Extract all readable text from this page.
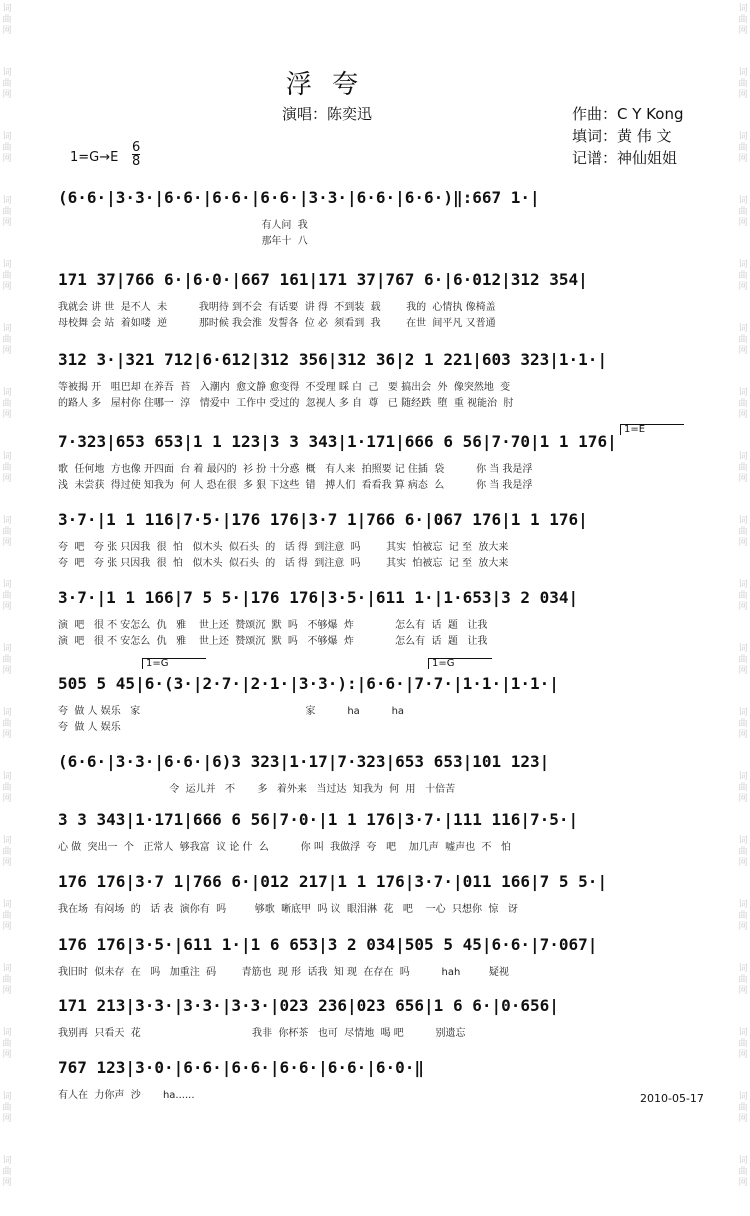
词曲网
词曲网
词曲网
词曲网
词曲网
词曲网
词曲网
词曲网
词曲网
词曲网
词曲网
词曲网
词曲网
词曲网
词曲网
词曲网
词曲网
词曲网
词曲网
词曲网
词曲网
词曲网
词曲网
词曲网
词曲网
词曲网
词曲网
词曲网
词曲网
词曲网
词曲网
词曲网
词曲网
词曲网
词曲网
词曲网
词曲网
词曲网
浮 夸
演唱：陈奕迅	作曲：C Y Kong
填词：黄 伟 文
记谱：神仙姐姐
1=G→E
6
8
1=E
1=G	1=G
(6·6·|3·3·|6·6·|6·6·|6·6·|3·3·|6·6·|6·6·)‖:667 1·|
有人问  我
那年十  八
171 37|766 6·|6·0·|667 161|171 37|767 6·|6·012|312 354|
我就会 讲 世  是不人  未          我明待 到不会  有话要  讲 得  不到装  载        我的  心情执 像椅盖
母校舞 会 站  着如喽  逆          那时候 我会淮  发誓各  位 必  须看到  我        在世  间平凡 又普通
312 3·|321 712|6·612|312 356|312 36|2 1 221|603 323|1·1·|
等被揭 开   咀巴却 在养吾  苔   入潮内  愈文静 愈变得  不受理 睬 白  己   要 搞出会  外  像突然地  变
的路人 多   屋村你 住哪一  淳   情爱中  工作中 受过的  忽视人 多 自  尊   已 随经跌  堕  重 视能治  肘
7·323|653 653|1 1 123|3 3 343|1·171|666 6 56|7·70|1 1 176|
歌  任何地  方也像 开四面  台 着 最闪的  衫 扮 十分惑  概   有人来  拍照要 记 住插  袋          你 当 我是浮
浅  未尝获  得过使 知我为  何 人 恐在很  多 狠 下这些  错   搏人们  看看我 算 病态  么          你 当 我是浮
3·7·|1 1 116|7·5·|176 176|3·7 1|766 6·|067 176|1 1 176|
夸  吧   夸 张 只因我  很  怕   似木头  似石头  的   话 得  到注意  吗        其实  怕被忘  记 至  放大来
夸  吧   夸 张 只因我  很  怕   似木头  似石头  的   话 得  到注意  吗        其实  怕被忘  记 至  放大来
3·7·|1 1 166|7 5 5·|176 176|3·5·|611 1·|1·653|3 2 034|
演  吧   很 不 安怎么  仇   雅    世上还  赞颂沉  默  吗   不够爆  炸             怎么有  话  题   让我
演  吧   很 不 安怎么  仇   雅    世上还  赞颂沉  默  吗   不够爆  炸             怎么有  话  题   让我
505 5 45|6·(3·|2·7·|2·1·|3·3·):|6·6·|7·7·|1·1·|1·1·|
夸  做 人 娱乐   家                                                    家          ha          ha
夸  做 人 娱乐
(6·6·|3·3·|6·6·|6)3 323|1·17|7·323|653 653|101 123|
令  运儿并   不       多   着外来   当过达  知我为  何  用   十倍苦
3 3 343|1·171|666 6 56|7·0·|1 1 176|3·7·|111 116|7·5·|
心 做  突出一  个   正常人  够我富  议 论 什  么          你 叫  我做浮  夸   吧    加几声  嘘声也  不   怕
176 176|3·7 1|766 6·|012 217|1 1 176|3·7·|011 166|7 5 5·|
我在场  有闷场  的   话 表  演你有  吗         够歌  晰底甲  吗 议  眼泪淋  花   吧    一心  只想你  惊   讶
176 176|3·5·|611 1·|1 6 653|3 2 034|505 5 45|6·6·|7·067|
我旧时  似未存  在   吗   加重注  码        青筋也  现 形  话我  知 现  在存在  吗          hah         疑视
171 213|3·3·|3·3·|3·3·|023 236|023 656|1 6 6·|0·656|
我别再  只看天  花                                   我非  你杯茶   也可  尽情地  喝 吧          别遗忘
767 123|3·0·|6·6·|6·6·|6·6·|6·6·|6·0·‖
有人在  力你声  沙       ha......	2010-05-17
